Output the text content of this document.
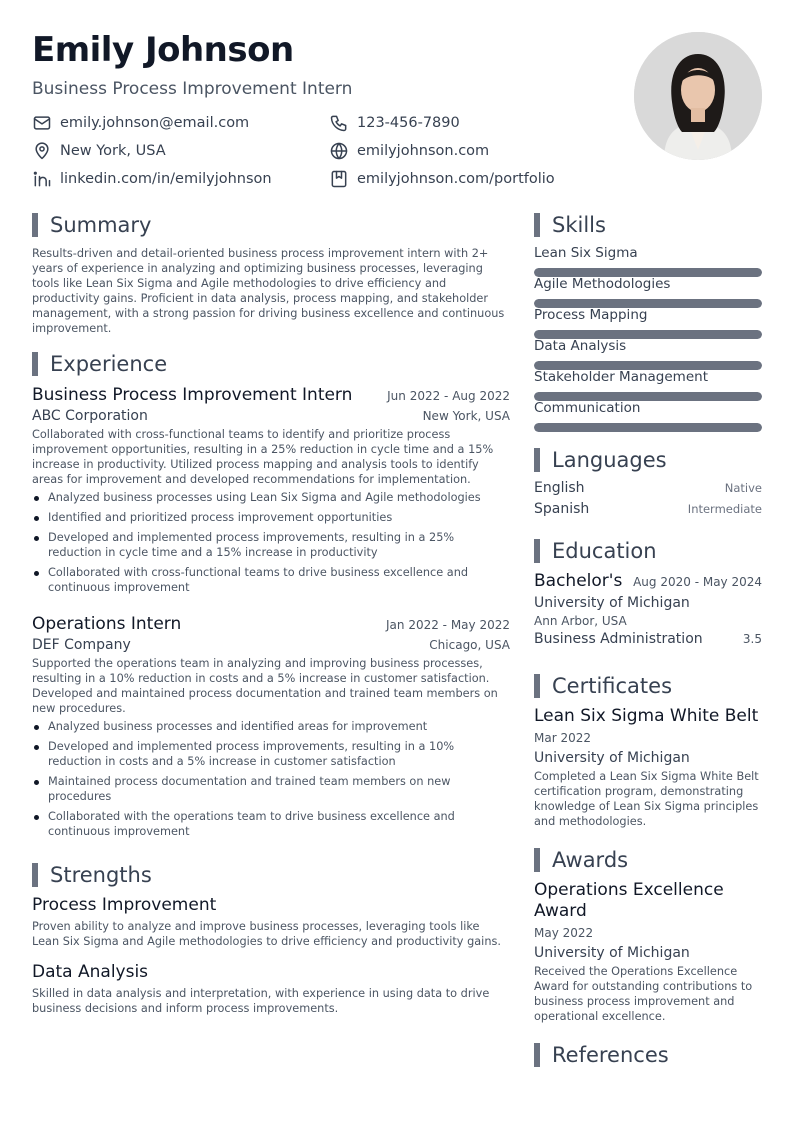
Emily Johnson
Business Process Improvement Intern
emily.johnson@email.com	123-456-7890
New York, USA	emilyjohnson.com
linkedin.com/in/emilyjohnson	emilyjohnson.com/portfolio
Summary
Results-driven and detail-oriented business process improvement intern with 2+ years of experience in analyzing and optimizing business processes, leveraging tools like Lean Six Sigma and Agile methodologies to drive efficiency and productivity gains. Proficient in data analysis, process mapping, and stakeholder management, with a strong passion for driving business excellence and continuous improvement.
Experience
Business Process Improvement Intern	Jun 2022 - Aug 2022
ABC Corporation	New York, USA
Collaborated with cross-functional teams to identify and prioritize process improvement opportunities, resulting in a 25% reduction in cycle time and a 15% increase in productivity. Utilized process mapping and analysis tools to identify areas for improvement and developed recommendations for implementation.
Analyzed business processes using Lean Six Sigma and Agile methodologies
Identified and prioritized process improvement opportunities
Developed and implemented process improvements, resulting in a 25% reduction in cycle time and a 15% increase in productivity
Collaborated with cross-functional teams to drive business excellence and continuous improvement
Operations Intern	Jan 2022 - May 2022
DEF Company	Chicago, USA
Supported the operations team in analyzing and improving business processes, resulting in a 10% reduction in costs and a 5% increase in customer satisfaction. Developed and maintained process documentation and trained team members on new procedures.
Analyzed business processes and identified areas for improvement
Developed and implemented process improvements, resulting in a 10% reduction in costs and a 5% increase in customer satisfaction
Maintained process documentation and trained team members on new procedures
Collaborated with the operations team to drive business excellence and continuous improvement
Strengths
Process Improvement
Proven ability to analyze and improve business processes, leveraging tools like Lean Six Sigma and Agile methodologies to drive efficiency and productivity gains.
Data Analysis
Skilled in data analysis and interpretation, with experience in using data to drive business decisions and inform process improvements.
Skills
Lean Six Sigma
Agile Methodologies
Process Mapping
Data Analysis
Stakeholder Management
Communication
Languages
English	Native
Spanish	Intermediate
Education
Bachelor's Aug 2020 - May 2024
University of Michigan
Ann Arbor, USA
Business Administration	3.5
Certificates
Lean Six Sigma White Belt
Mar 2022
University of Michigan
Completed a Lean Six Sigma White Belt certification program, demonstrating knowledge of Lean Six Sigma principles and methodologies.
Awards
Operations Excellence Award
May 2022
University of Michigan
Received the Operations Excellence Award for outstanding contributions to business process improvement and operational excellence.
References
